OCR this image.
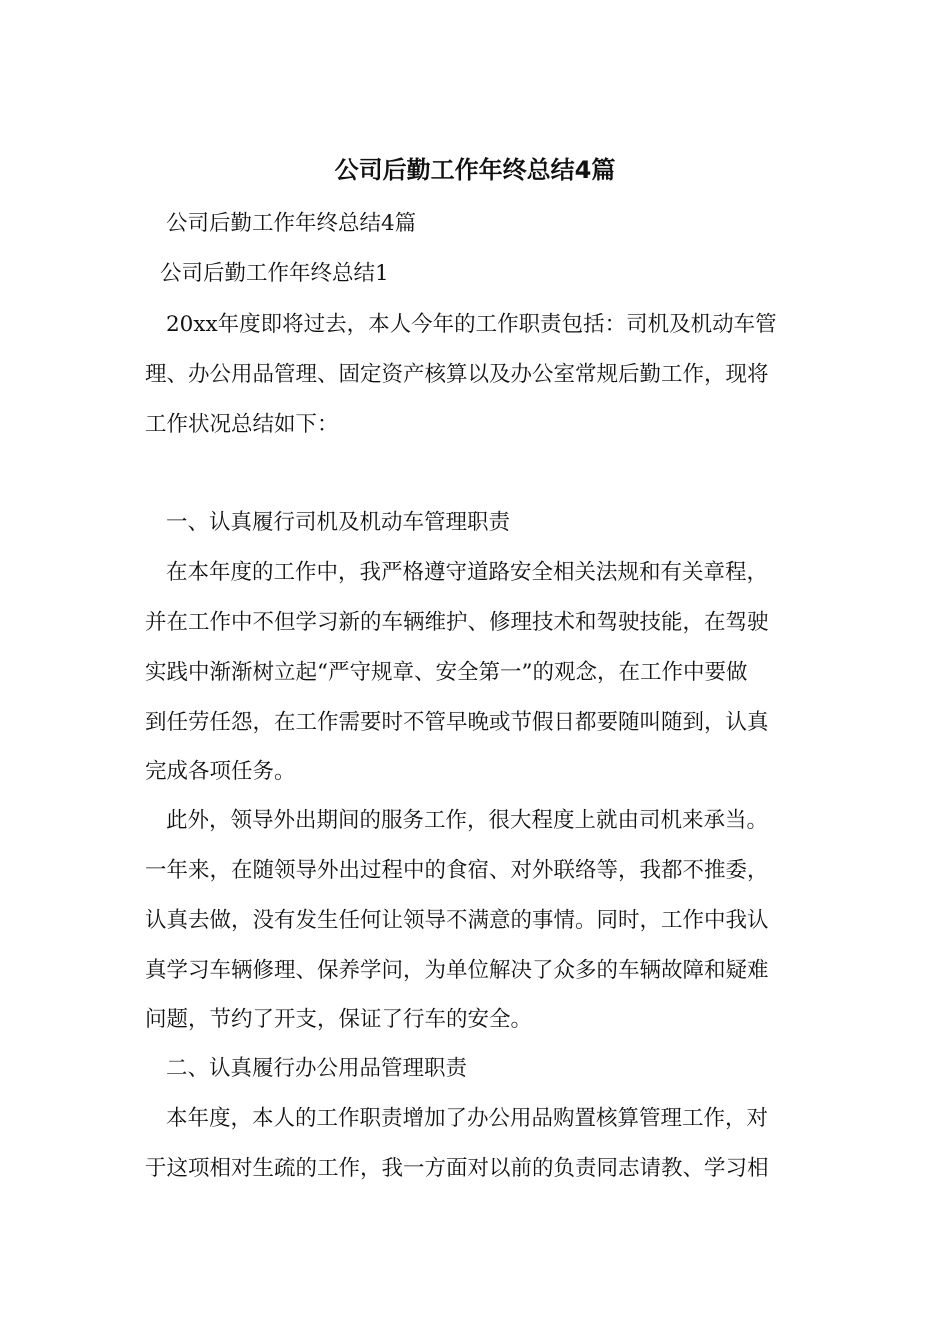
公司后勤工作年终总结4篇

公司后勤工作年终总结4篇

公司后勤工作年终总结1

20xx年度即将过去，本人今年的工作职责包括：司机及机动车管

理、办公用品管理、固定资产核算以及办公室常规后勤工作，现将

工作状况总结如下：

一、认真履行司机及机动车管理职责

在本年度的工作中，我严格遵守道路安全相关法规和有关章程，

并在工作中不但学习新的车辆维护、修理技术和驾驶技能，在驾驶

实践中渐渐树立起“严守规章、安全第一”的观念，在工作中要做

到任劳任怨，在工作需要时不管早晚或节假日都要随叫随到，认真

完成各项任务。

此外，领导外出期间的服务工作，很大程度上就由司机来承当。

一年来，在随领导外出过程中的食宿、对外联络等，我都不推委，

认真去做，没有发生任何让领导不满意的事情。同时，工作中我认

真学习车辆修理、保养学问，为单位解决了众多的车辆故障和疑难

问题，节约了开支，保证了行车的安全。

二、认真履行办公用品管理职责

本年度，本人的工作职责增加了办公用品购置核算管理工作，对

于这项相对生疏的工作，我一方面对以前的负责同志请教、学习相
